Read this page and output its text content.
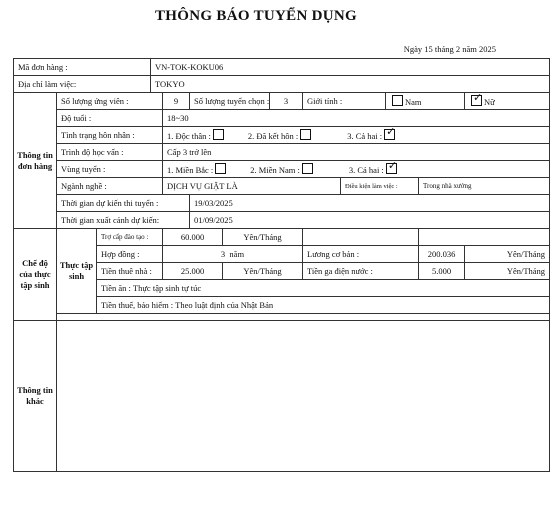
THÔNG BÁO TUYỂN DỤNG
Ngày 15 tháng 2 năm 2025
Mã đơn hàng :			VN-TOK-KOKU06									
Địa chỉ làm việc:			TOKYO									
Thông tin đơn hàng	Số lượng ứng viên :			9	Số lượng tuyển chọn :		3	Giới tính :		Nam	✓Nữ
	Độ tuổi :			18~30								
	Tình trạng hôn nhân :			1. Độc thân : 2. Đã kết hôn : 3. Cả hai :✓
	Trình độ học vấn :			Cấp 3 trở lên								
	Vùng tuyển :			1. Miền Bắc : 2. Miền Nam : 3. Cả hai :✓
	Ngành nghề :			DỊCH VỤ GIẶT LÀ					Điều kiện làm việc :		Trong nhà xưởng	
	Thời gian dự kiến thi tuyển :				19/03/2025							
	Thời gian xuất cảnh dự kiến:				01/09/2025							
Chế độ của thực tập sinh	Thực tập sinh	Trợ cấp đào tạo :		60.000		Yên/Tháng						
		Hợp đồng :		3 năm				Lương cơ bản :			200.036	Yên/Tháng
		Tiền thuê nhà :		25.000		Yên/Tháng		Tiền ga điện nước :			5.000	Yên/Tháng
		Tiền ăn : Thực tập sinh tự túc										
		Tiền thuế, bảo hiểm : Theo luật định của Nhật Bản										

Thông tin khác												
